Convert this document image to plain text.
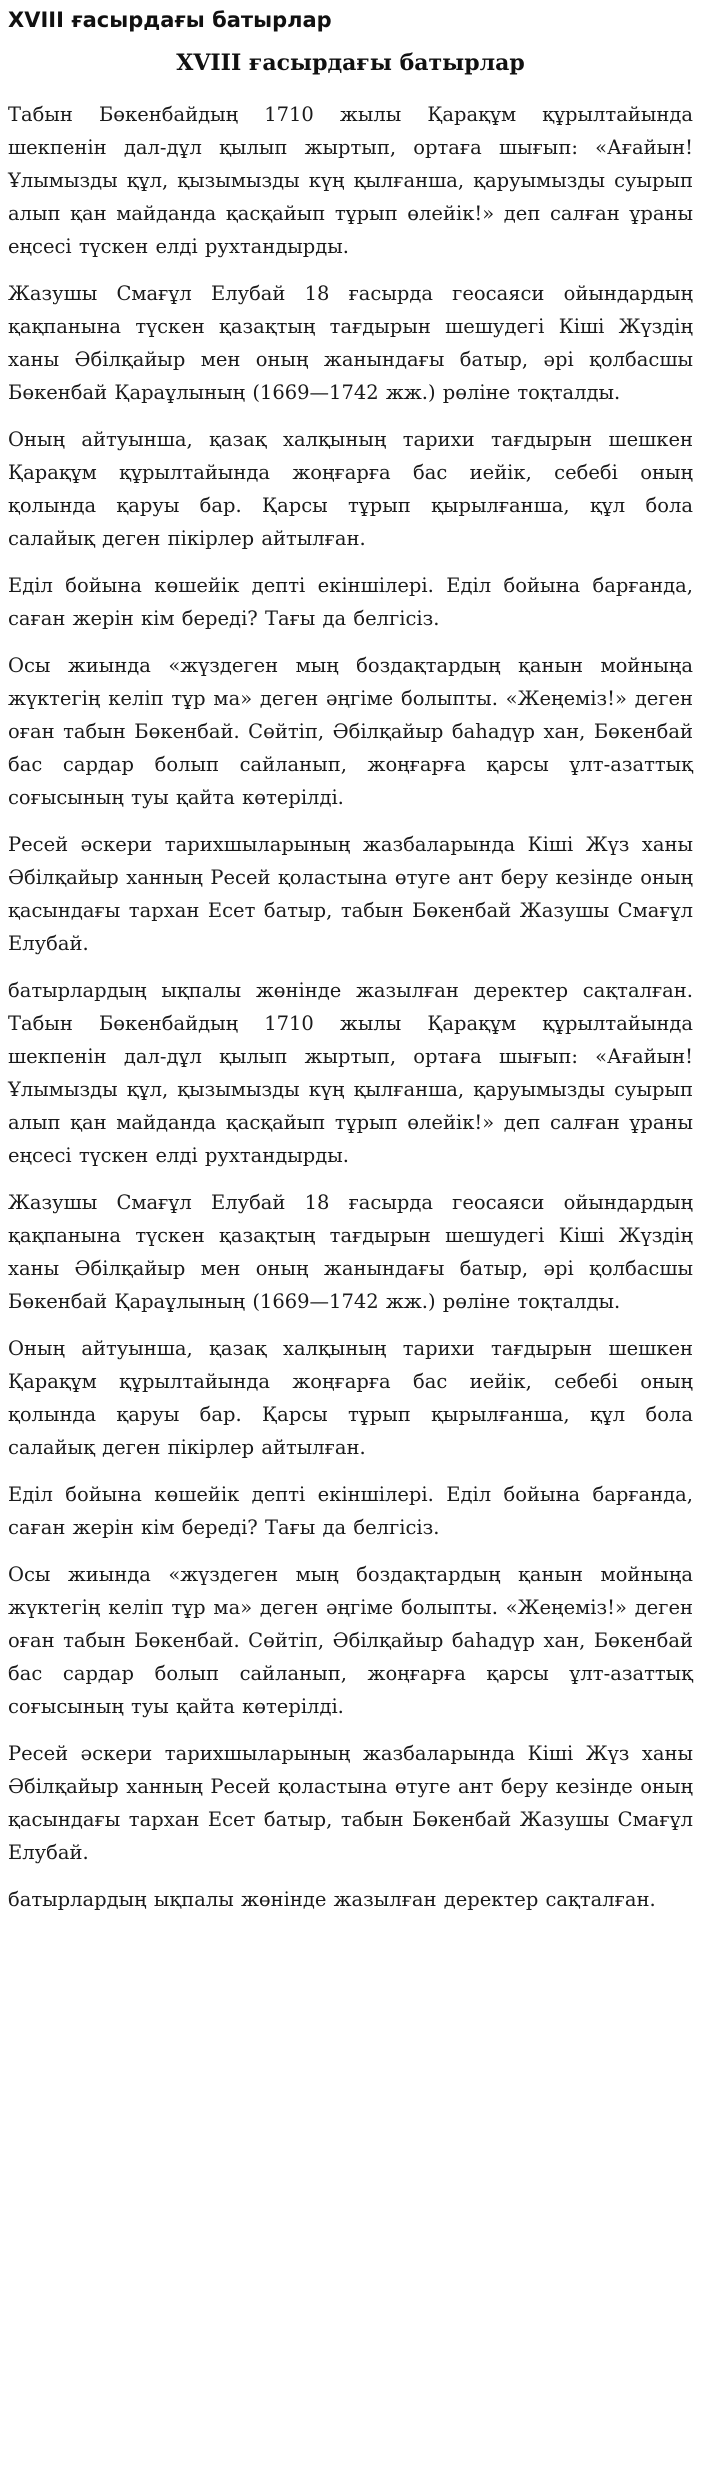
XVIII ғасырдағы батырлар
XVIII ғасырдағы батырлар

Табын Бөкенбайдың 1710 жылы Қарақұм құрылтайында шекпенін дал-дұл қылып жыртып, ортаға шығып: «Ағайын! Ұлымызды құл, қызымызды күң қылғанша, қаруымызды суырып алып қан майданда қасқайып тұрып өлейік!» деп салған ұраны еңсесі түскен елді рухтандырды.

Жазушы Смағұл Елубай 18 ғасырда геосаяси ойындардың қақпанына түскен қазақтың тағдырын шешудегі Кіші Жүздің ханы Әбілқайыр мен оның жанындағы батыр, әрі қолбасшы Бөкенбай Қараұлының (1669—1742 жж.) рөліне тоқталды.

Оның айтуынша, қазақ халқының тарихи тағдырын шешкен Қарақұм құрылтайында жоңғарға бас иейік, себебі оның қолында қаруы бар. Қарсы тұрып қырылғанша, құл бола салайық деген пікірлер айтылған.

Еділ бойына көшейік депті екіншілері. Еділ бойына барғанда, саған жерін кім береді? Тағы да белгісіз.

Осы жиында «жүздеген мың боздақтардың қанын мойныңа жүктегің келіп тұр ма» деген әңгіме болыпты. «Жеңеміз!» деген оған табын Бөкенбай. Сөйтіп, Әбілқайыр баһадүр хан, Бөкенбай бас сардар болып сайланып, жоңғарға қарсы ұлт-азаттық соғысының туы қайта көтерілді.

Ресей әскери тарихшыларының жазбаларында Кіші Жүз ханы Әбілқайыр ханның Ресей қоластына өтуге ант беру кезінде оның қасындағы тархан Есет батыр, табын Бөкенбай Жазушы Смағұл Елубай.

батырлардың ықпалы жөнінде жазылған деректер сақталған. Табын Бөкенбайдың 1710 жылы Қарақұм құрылтайында шекпенін дал-дұл қылып жыртып, ортаға шығып: «Ағайын! Ұлымызды құл, қызымызды күң қылғанша, қаруымызды суырып алып қан майданда қасқайып тұрып өлейік!» деп салған ұраны еңсесі түскен елді рухтандырды.

Жазушы Смағұл Елубай 18 ғасырда геосаяси ойындардың қақпанына түскен қазақтың тағдырын шешудегі Кіші Жүздің ханы Әбілқайыр мен оның жанындағы батыр, әрі қолбасшы Бөкенбай Қараұлының (1669—1742 жж.) рөліне тоқталды.

Оның айтуынша, қазақ халқының тарихи тағдырын шешкен Қарақұм құрылтайында жоңғарға бас иейік, себебі оның қолында қаруы бар. Қарсы тұрып қырылғанша, құл бола салайық деген пікірлер айтылған.

Еділ бойына көшейік депті екіншілері. Еділ бойына барғанда, саған жерін кім береді? Тағы да белгісіз.

Осы жиында «жүздеген мың боздақтардың қанын мойныңа жүктегің келіп тұр ма» деген әңгіме болыпты. «Жеңеміз!» деген оған табын Бөкенбай. Сөйтіп, Әбілқайыр баһадүр хан, Бөкенбай бас сардар болып сайланып, жоңғарға қарсы ұлт-азаттық соғысының туы қайта көтерілді.

Ресей әскери тарихшыларының жазбаларында Кіші Жүз ханы Әбілқайыр ханның Ресей қоластына өтуге ант беру кезінде оның қасындағы тархан Есет батыр, табын Бөкенбай Жазушы Смағұл Елубай.

батырлардың ықпалы жөнінде жазылған деректер сақталған.
